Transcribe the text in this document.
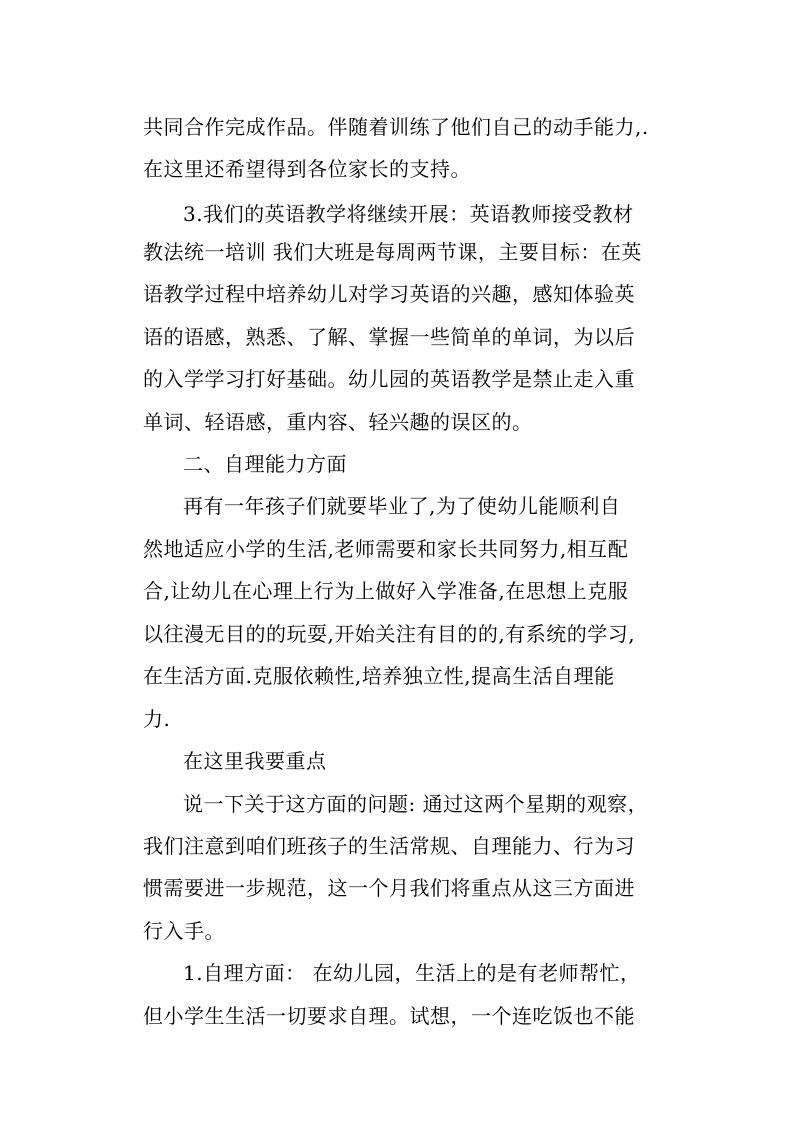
共同合作完成作品。伴随着训练了他们自己的动手能力,.

在这里还希望得到各位家长的支持。

3.我们的英语教学将继续开展：英语教师接受教材

教法统一培训 我们大班是每周两节课，主要目标：在英

语教学过程中培养幼儿对学习英语的兴趣，感知体验英

语的语感，熟悉、了解、掌握一些简单的单词，为以后

的入学学习打好基础。幼儿园的英语教学是禁止走入重

单词、轻语感，重内容、轻兴趣的误区的。

二、自理能力方面

再有一年孩子们就要毕业了,为了使幼儿能顺利自

然地适应小学的生活,老师需要和家长共同努力,相互配

合,让幼儿在心理上行为上做好入学准备,在思想上克服

以往漫无目的的玩耍,开始关注有目的的,有系统的学习,

在生活方面.克服依赖性,培养独立性,提高生活自理能

力.

在这里我要重点

说一下关于这方面的问题: 通过这两个星期的观察，

我们注意到咱们班孩子的生活常规、自理能力、行为习

惯需要进一步规范，这一个月我们将重点从这三方面进

行入手。

1.自理方面： 在幼儿园，生活上的是有老师帮忙，

但小学生生活一切要求自理。试想，一个连吃饭也不能
